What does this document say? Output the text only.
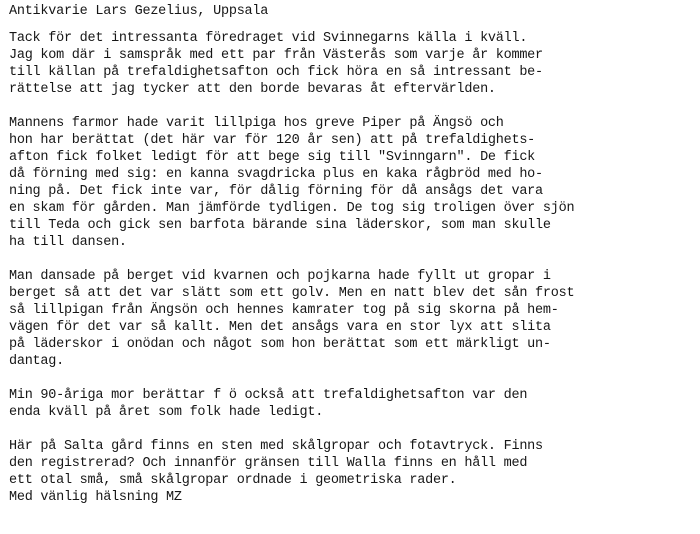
Antikvarie Lars Gezelius, Uppsala
Tack för det intressanta föredraget vid Svinnegarns källa i kväll.
Jag kom där i samspråk med ett par från Västerås som varje år kommer
till källan på trefaldighetsafton och fick höra en så intressant be-
rättelse att jag tycker att den borde bevaras åt eftervärlden.
Mannens farmor hade varit lillpiga hos greve Piper på Ängsö och
hon har berättat (det här var för 120 år sen) att på trefaldighets-
afton fick folket ledigt för att bege sig till "Svinngarn". De fick
då förning med sig: en kanna svagdricka plus en kaka rågbröd med ho-
ning på. Det fick inte var, för dålig förning för då ansågs det vara
en skam för gården. Man jämförde tydligen. De tog sig troligen över sjön
till Teda och gick sen barfota bärande sina läderskor, som man skulle
ha till dansen.
Man dansade på berget vid kvarnen och pojkarna hade fyllt ut gropar i
berget så att det var slätt som ett golv. Men en natt blev det sån frost
så lillpigan från Ängsön och hennes kamrater tog på sig skorna på hem-
vägen för det var så kallt. Men det ansågs vara en stor lyx att slita
på läderskor i onödan och något som hon berättat som ett märkligt un-
dantag.
Min 90-åriga mor berättar f ö också att trefaldighetsafton var den
enda kväll på året som folk hade ledigt.
Här på Salta gård finns en sten med skålgropar och fotavtryck. Finns
den registrerad? Och innanför gränsen till Walla finns en håll med
ett otal små, små skålgropar ordnade i geometriska rader.
Med vänlig hälsning MZ
